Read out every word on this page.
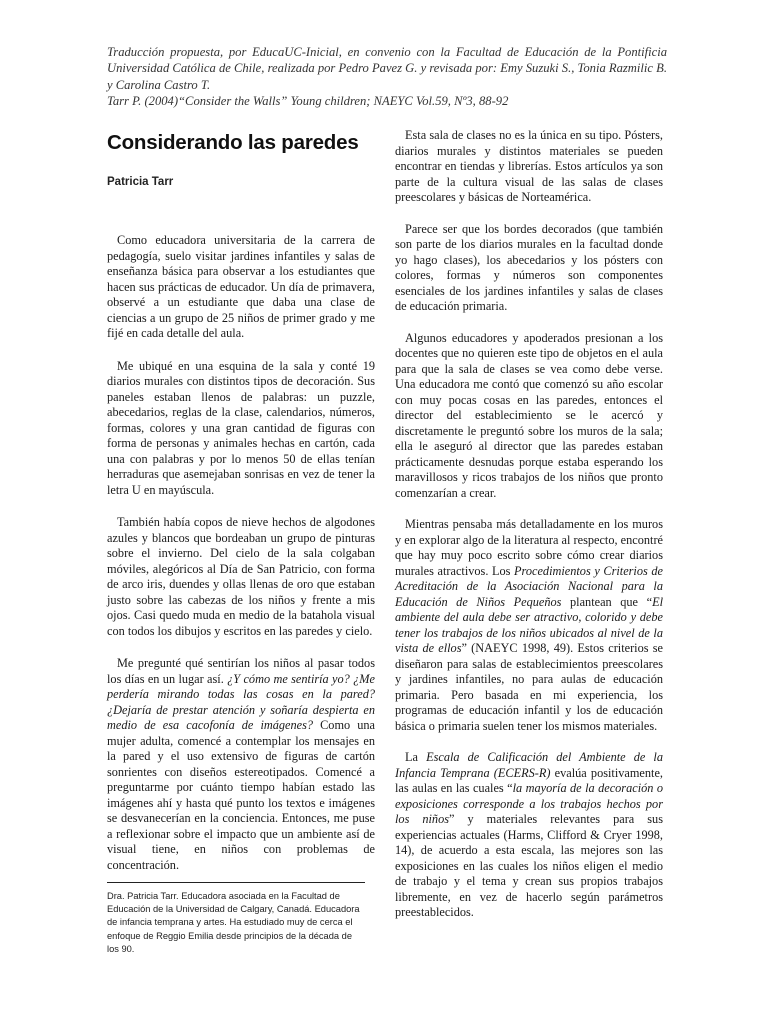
Traducción propuesta, por EducaUC-Inicial, en convenio con la Facultad de Educación de la Pontificia Universidad Católica de Chile, realizada por Pedro Pavez G. y revisada por: Emy Suzuki S., Tonia Razmilic B. y Carolina Castro T.

Tarr P. (2004)“Consider the Walls” Young children; NAEYC Vol.59, Nº3, 88-92

Considerando las paredes
Patricia Tarr

Como educadora universitaria de la carrera de pedagogía, suelo visitar jardines infantiles y salas de enseñanza básica para observar a los estudiantes que hacen sus prácticas de educador. Un día de primavera, observé a un estudiante que daba una clase de ciencias a un grupo de 25 niños de primer grado y me fijé en cada detalle del aula.

Me ubiqué en una esquina de la sala y conté 19 diarios murales con distintos tipos de decoración. Sus paneles estaban llenos de palabras: un puzzle, abecedarios, reglas de la clase, calendarios, números, formas, colores y una gran cantidad de figuras con forma de personas y animales hechas en cartón, cada una con palabras y por lo menos 50 de ellas tenían herraduras que asemejaban sonrisas en vez de tener la letra U en mayúscula.

También había copos de nieve hechos de algodones azules y blancos que bordeaban un grupo de pinturas sobre el invierno. Del cielo de la sala colgaban móviles, alegóricos al Día de San Patricio, con forma de arco iris, duendes y ollas llenas de oro que estaban justo sobre las cabezas de los niños y frente a mis ojos. Casi quedo muda en medio de la batahola visual con todos los dibujos y escritos en las paredes y cielo.

Me pregunté qué sentirían los niños al pasar todos los días en un lugar así. ¿Y cómo me sentiría yo? ¿Me perdería mirando todas las cosas en la pared? ¿Dejaría de prestar atención y soñaría despierta en medio de esa cacofonía de imágenes? Como una mujer adulta, comencé a contemplar los mensajes en la pared y el uso extensivo de figuras de cartón sonrientes con diseños estereotipados. Comencé a preguntarme por cuánto tiempo habían estado las imágenes ahí y hasta qué punto los textos e imágenes se desvanecerían en la conciencia. Entonces, me puse a reflexionar sobre el impacto que un ambiente así de visual tiene, en niños con problemas de concentración.

Dra. Patricia Tarr. Educadora asociada en la Facultad de Educación de la Universidad de Calgary, Canadá. Educadora de infancia temprana y artes. Ha estudiado muy de cerca el enfoque de Reggio Emilia desde principios de la década de los 90.

Esta sala de clases no es la única en su tipo. Pósters, diarios murales y distintos materiales se pueden encontrar en tiendas y librerías. Estos artículos ya son parte de la cultura visual de las salas de clases preescolares y básicas de Norteamérica.

Parece ser que los bordes decorados (que también son parte de los diarios murales en la facultad donde yo hago clases), los abecedarios y los pósters con colores, formas y números son componentes esenciales de los jardines infantiles y salas de clases de educación primaria.

Algunos educadores y apoderados presionan a los docentes que no quieren este tipo de objetos en el aula para que la sala de clases se vea como debe verse. Una educadora me contó que comenzó su año escolar con muy pocas cosas en las paredes, entonces el director del establecimiento se le acercó y discretamente le preguntó sobre los muros de la sala; ella le aseguró al director que las paredes estaban prácticamente desnudas porque estaba esperando los maravillosos y ricos trabajos de los niños que pronto comenzarían a crear.

Mientras pensaba más detalladamente en los muros y en explorar algo de la literatura al respecto, encontré que hay muy poco escrito sobre cómo crear diarios murales atractivos. Los Procedimientos y Criterios de Acreditación de la Asociación Nacional para la Educación de Niños Pequeños plantean que “El ambiente del aula debe ser atractivo, colorido y debe tener los trabajos de los niños ubicados al nivel de la vista de ellos” (NAEYC 1998, 49). Estos criterios se diseñaron para salas de establecimientos preescolares y jardines infantiles, no para aulas de educación primaria. Pero basada en mi experiencia, los programas de educación infantil y los de educación básica o primaria suelen tener los mismos materiales.

La Escala de Calificación del Ambiente de la Infancia Temprana (ECERS-R) evalúa positivamente, las aulas en las cuales “la mayoría de la decoración o exposiciones corresponde a los trabajos hechos por los niños” y materiales relevantes para sus experiencias actuales (Harms, Clifford & Cryer 1998, 14), de acuerdo a esta escala, las mejores son las exposiciones en las cuales los niños eligen el medio de trabajo y el tema y crean sus propios trabajos libremente, en vez de hacerlo según parámetros preestablecidos.
